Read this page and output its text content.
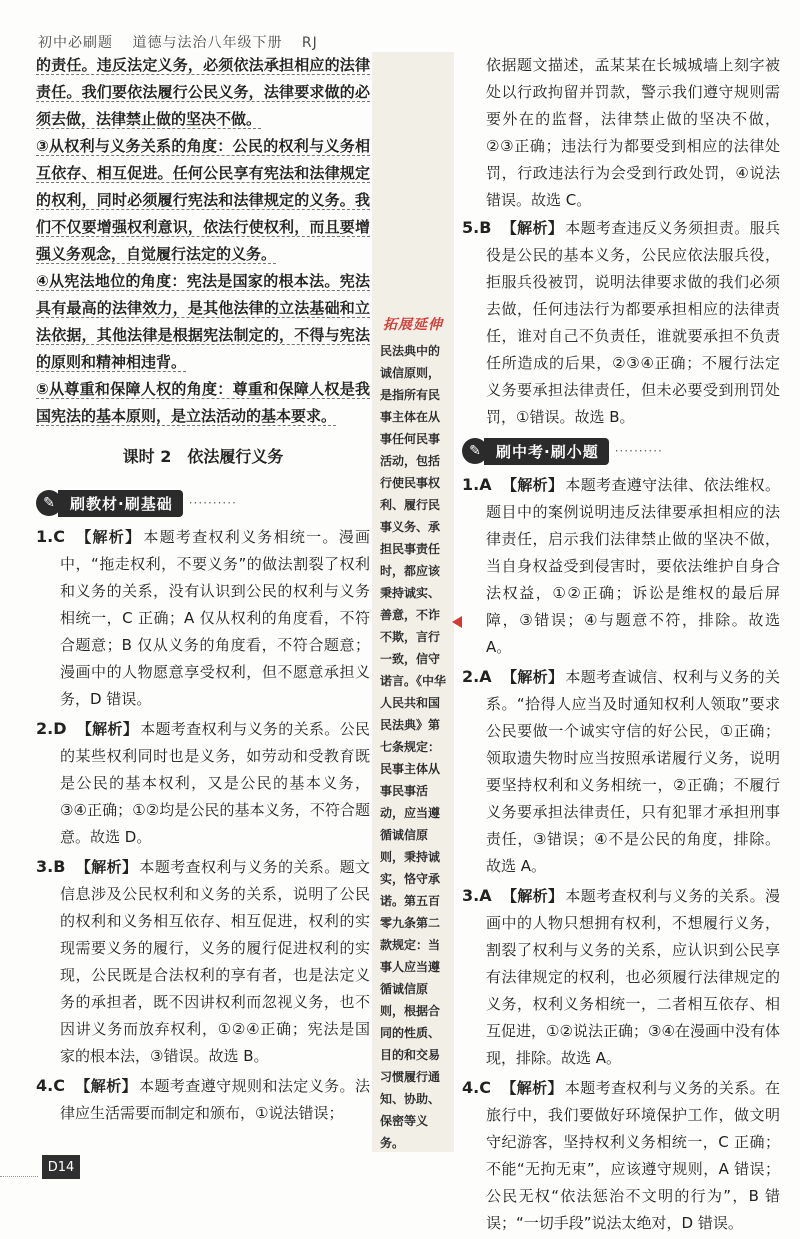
初中必刷题 道德与法治八年级下册 RJ

的责任。违反法定义务，必须依法承担相应的法律责任。我们要依法履行公民义务，法律要求做的必须去做，法律禁止做的坚决不做。

③从权利与义务关系的角度：公民的权利与义务相互依存、相互促进。任何公民享有宪法和法律规定的权利，同时必须履行宪法和法律规定的义务。我们不仅要增强权利意识，依法行使权利，而且要增强义务观念，自觉履行法定的义务。

④从宪法地位的角度：宪法是国家的根本法。宪法具有最高的法律效力，是其他法律的立法基础和立法依据，其他法律是根据宪法制定的，不得与宪法的原则和精神相违背。

⑤从尊重和保障人权的角度：尊重和保障人权是我国宪法的基本原则，是立法活动的基本要求。

课时 2 依法履行义务
✎	刷教材·刷基础	··········

1.C 【解析】 本题考查权利义务相统一。漫画中，“拖走权利，不要义务”的做法割裂了权利和义务的关系，没有认识到公民的权利与义务相统一，C 正确；A 仅从权利的角度看，不符合题意；B 仅从义务的角度看，不符合题意；漫画中的人物愿意享受权利，但不愿意承担义务，D 错误。

2.D 【解析】 本题考查权利与义务的关系。公民的某些权利同时也是义务，如劳动和受教育既是公民的基本权利，又是公民的基本义务，③④正确；①②均是公民的基本义务，不符合题意。故选 D。

3.B 【解析】 本题考查权利与义务的关系。题文信息涉及公民权利和义务的关系，说明了公民的权利和义务相互依存、相互促进，权利的实现需要义务的履行，义务的履行促进权利的实现，公民既是合法权利的享有者，也是法定义务的承担者，既不因讲权利而忽视义务，也不因讲义务而放弃权利，①②④正确；宪法是国家的根本法，③错误。故选 B。

4.C 【解析】 本题考查遵守规则和法定义务。法律应生活需要而制定和颁布，①说法错误；

拓展延伸
民法典中的诚信原则，是指所有民事主体在从事任何民事活动，包括行使民事权利、履行民事义务、承担民事责任时，都应该秉持诚实、善意，不诈不欺，言行一致，信守诺言。《中华人民共和国民法典》第七条规定：民事主体从事民事活动，应当遵循诚信原则，秉持诚实，恪守承诺。第五百零九条第二款规定：当事人应当遵循诚信原则，根据合同的性质、目的和交易习惯履行通知、协助、保密等义务。

依据题文描述，孟某某在长城城墙上刻字被处以行政拘留并罚款，警示我们遵守规则需要外在的监督，法律禁止做的坚决不做，②③正确；违法行为都要受到相应的法律处罚，行政违法行为会受到行政处罚，④说法错误。故选 C。

5.B 【解析】 本题考查违反义务须担责。服兵役是公民的基本义务，公民应依法服兵役，拒服兵役被罚，说明法律要求做的我们必须去做，任何违法行为都要承担相应的法律责任，谁对自己不负责任，谁就要承担不负责任所造成的后果，②③④正确；不履行法定义务要承担法律责任，但未必要受到刑罚处罚，①错误。故选 B。

✎	刷中考·刷小题	··········

1.A 【解析】 本题考查遵守法律、依法维权。题目中的案例说明违反法律要承担相应的法律责任，启示我们法律禁止做的坚决不做，当自身权益受到侵害时，要依法维护自身合法权益，①②正确；诉讼是维权的最后屏障，③错误；④与题意不符，排除。故选 A。

2.A 【解析】 本题考查诚信、权利与义务的关系。“拾得人应当及时通知权利人领取”要求公民要做一个诚实守信的好公民，①正确；领取遗失物时应当按照承诺履行义务，说明要坚持权利和义务相统一，②正确；不履行义务要承担法律责任，只有犯罪才承担刑事责任，③错误；④不是公民的角度，排除。故选 A。

3.A 【解析】 本题考查权利与义务的关系。漫画中的人物只想拥有权利，不想履行义务，割裂了权利与义务的关系，应认识到公民享有法律规定的权利，也必须履行法律规定的义务，权利义务相统一，二者相互依存、相互促进，①②说法正确；③④在漫画中没有体现，排除。故选 A。

4.C 【解析】 本题考查权利与义务的关系。在旅行中，我们要做好环境保护工作，做文明守纪游客，坚持权利义务相统一，C 正确；不能“无拘无束”，应该遵守规则，A 错误；公民无权“依法惩治不文明的行为”，B 错误；“一切手段”说法太绝对，D 错误。

D14
